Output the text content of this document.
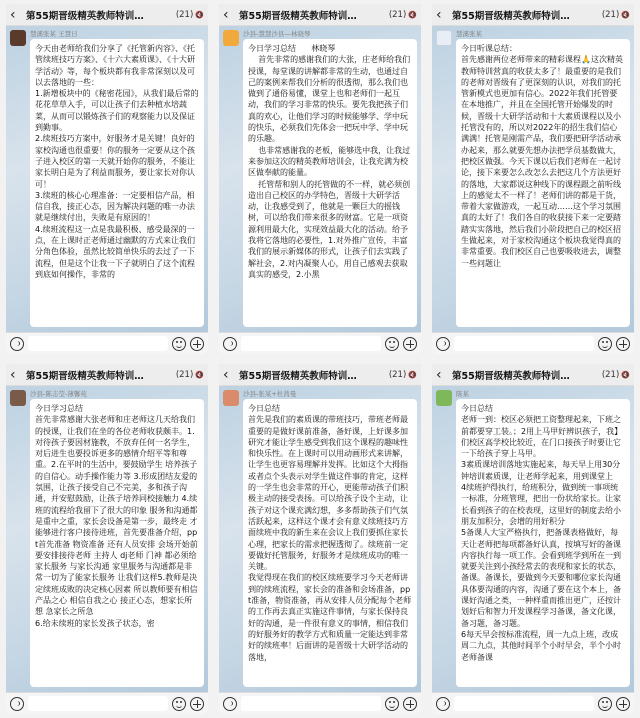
‹	第55期晋级精英教师特训…	(21) 🔇
慧溪张某 王慧日
今天由老师给我们分享了《托管新内容》、《托管续班技巧方案》、《十六大素质课》、《十大研学活动》等，每个板块都有我非常深刻以及可以去落地的一些：
1.新增板块中的《秘密花园》，从我们最后常的花花草草入手，可以让孩子们去种植水培蔬菜，从而可以锻炼孩子们的观察能力以及保证到勤事。
2.续班技巧方案中，好服务才是关键！良好的家校沟通也很重要！你的服务一定要从这个孩子进入校区的第一天就开始你的服务，不能让家长明白是为了利益而服务，要让家长对你认可！
3.续班的核心心理准备：一定要相信产品，相信自我，接正心态，因为解决问题的唯一办法就是继续付出，失败是有原因的！
4.续班流程这一点是我最积极、感受最深的一点，在上课时正老师通过幽默的方式来让我们分角色体验，虽然比较简单快乐的去过了一下流程，但是这个让我一下子就明白了这个流程到底如何操作，非常的
‹	第55期晋级精英教师特训…	(21) 🔇
沙县-慧慧沙县—林晓琴
今日学习总结      林晓琴
首先非常的感谢我们的大张，庄老师给我们授课，每堂课的讲解都非常的生动，也通过自己的案例来帮我们分析的很透彻，那么我们也做到了通俗易懂，课堂上也和老师们一起互动，我们的学习非常的快乐。要先我把孩子们真的欢心，让他们学习的时候能够学、学中玩的快乐，必须我们先体会一把玩中学、学中玩的乐趣。
也非常感谢我的老板，能够选中我，让我过来参加这次的精英教师培训会，让我充满为校区做奉献的能量。
托管帮和别人的托管做的不一样，就必须创造出自己校区的办学特色，晋级十大研学活动，让我感受到了，他就是一颗巨大的摇钱树，可以给我们带来很多的财富。它是一项资源利用最大化，实现效益最大化的活动。给予我将它落地的必要性，1.对外推广宣传，丰富我们的展示新媒体的形式，让孩子们去实践了解社会，2.对内凝聚人心，用自己感观去获取真实的感受，2.小黑
‹	第55期晋级精英教师特训…	(21) 🔇
慧溪张某
今日听课总结：
首先感谢两位老师带来的精彩课程🙏这次精英教师特训营真的收获太多了！最重要的是我们的老师对晋级有了更深刻的认识，对我们的托管新模式也更加有信心。2022年我们托管要在本地推广，并且在全国托管开始爆发的时候，晋级十大研学活动和十大素质课程以及小托管没有的，所以对2022年的招生我们信心满满！托管是刚需产品，我们要把研学活动承办起来，那么就要先想办法把学员基数做大，把校区做强。今天下课以后我们老师在一起讨论，接下来要怎么改怎么去把这几个方法更好的落地，大家都说这种线下的课程跟之前听线上的感觉太不一样了！老师们讲的都是干货，带着大家做游戏，一起互动……这个学习氛围真的太好了！我们各自的收获接下来一定要踏踏实实落地，然后我们小阶段把自己的校区招生做起来，对于家校沟通这个板块我觉得真的非常重要。我们校区自己也要吸收进去，调整一些问题让
‹	第55期晋级精英教师特训…	(21) 🔇
沙县-陈志莹-薄馨苑
今日学习总结
首先非常感谢大张老师和庄老师这几天给我们的授课，让我们在坐的各位老师收获颇丰。1.对待孩子要因材施教，不放弃任何一名学生，对后进生也要投诉更多的感情介绍平等和尊重。2.在平时的生活中，要鼓励学生 培养孩子的自信心。动手操作能力等 3.形成团结友爱的氛围，让孩子接受自己不完美，多和孩子沟通，并安慰鼓励，让孩子培养同校接触力 4.续班的流程给我留下了很大的印象 服务和沟通都是重中之重，家长会设备是第一步，最终走 才能够进行客户接待进班，首先要准备介绍，ppt首先准备 物资准备 还有人员安排 会场开始前要安排接待老师 主持人 dj老师 门神 都必须给家长服务 与家长沟通 家里服务与沟通都是非常一切为了能家长服务 让我们这样5.教师是决定续班成败的决定核心因素 所以教师要有相信产品之心 相信自我之心 接正心态，想家长所想 急家长之所急
6.给未续班的家长发孩子状态，密
‹	第55期晋级精英教师特训…	(21) 🔇
沙县-张某+杜茜曼
今日总结
首先是我们的素质课的带班技巧，带班老师最重要的是做好课前准备，备好课，上好课多加研究才能让学生感受到我们这个课程的趣味性和快乐性。在上课时可以用动画形式来讲解，让学生也更容易理解并发挥。比如这个大拇指或者点个头表示对学生做这件事的肯定，这样的一学生也会非常的开心，更能带动孩子们积极主动的接受表扬。可以给孩子设个主动，让孩子对这个课充满幻想，多多帮助孩子们气氛活跃起来，这样这个课才会有意义续班技巧方面续班中我的新生来在会议上我们要抓住家长心理，把家长的需求把握透彻了。续班前一定要做好托管服务，好服务才是续班成功的唯一关键。
我觉得现在我们的校区续班要学习今天老师讲到的续班流程，家长会的准备和会场准备，ppt准备，物资准备，再从安排人员分配每个老师的工作再去真正实施这件事情，与家长保持良好的沟通，是一件很有意义的事情，相信我们的好服务好的教学方式和质量一定能达到非常好的续班率！后面讲的是晋级十大研学活动的落地，
‹	第55期晋级精英教师特训…	(21) 🔇
陈某
今日总结
老师一到：校区必须把工资整理起来，下班之前都要穿工装。；2用上马甲好辨识孩子，我】们校区高学校比较近，在门口接孩子时要让它一下给孩子穿上马甲。
3素质课培训落地实施起来，每天早上用30分钟培训素质课，让老师学起来，用到课堂上
4续班护得执行，给班积分，做到统一事项统一标准，分班管理，把出一份状给家长。让家长看到孩子的在校表现，这里好的制度去给小朋友加积分，会增的用好积分
5备课人大宝严格执行，把备课表格做好，每天让老师把每项都备好认真，按填写好的备课内容执行每一项工作。会看到班学到所在一到就要关注到小孩经常去的表现和家长的状态，
备课。备课长，要做到今天要和哪位家长沟通具体要沟通的内容，沟通了要在这个本上，备课好沟通之类，一种样重而推出更广，还按计划好后和智力开发课程学习备课，备文化课，备习题，备习题。
6每天早会按标准流程，周一九点上班，改成周二九点，其他时间半个小时早会，半个小时老师备课
